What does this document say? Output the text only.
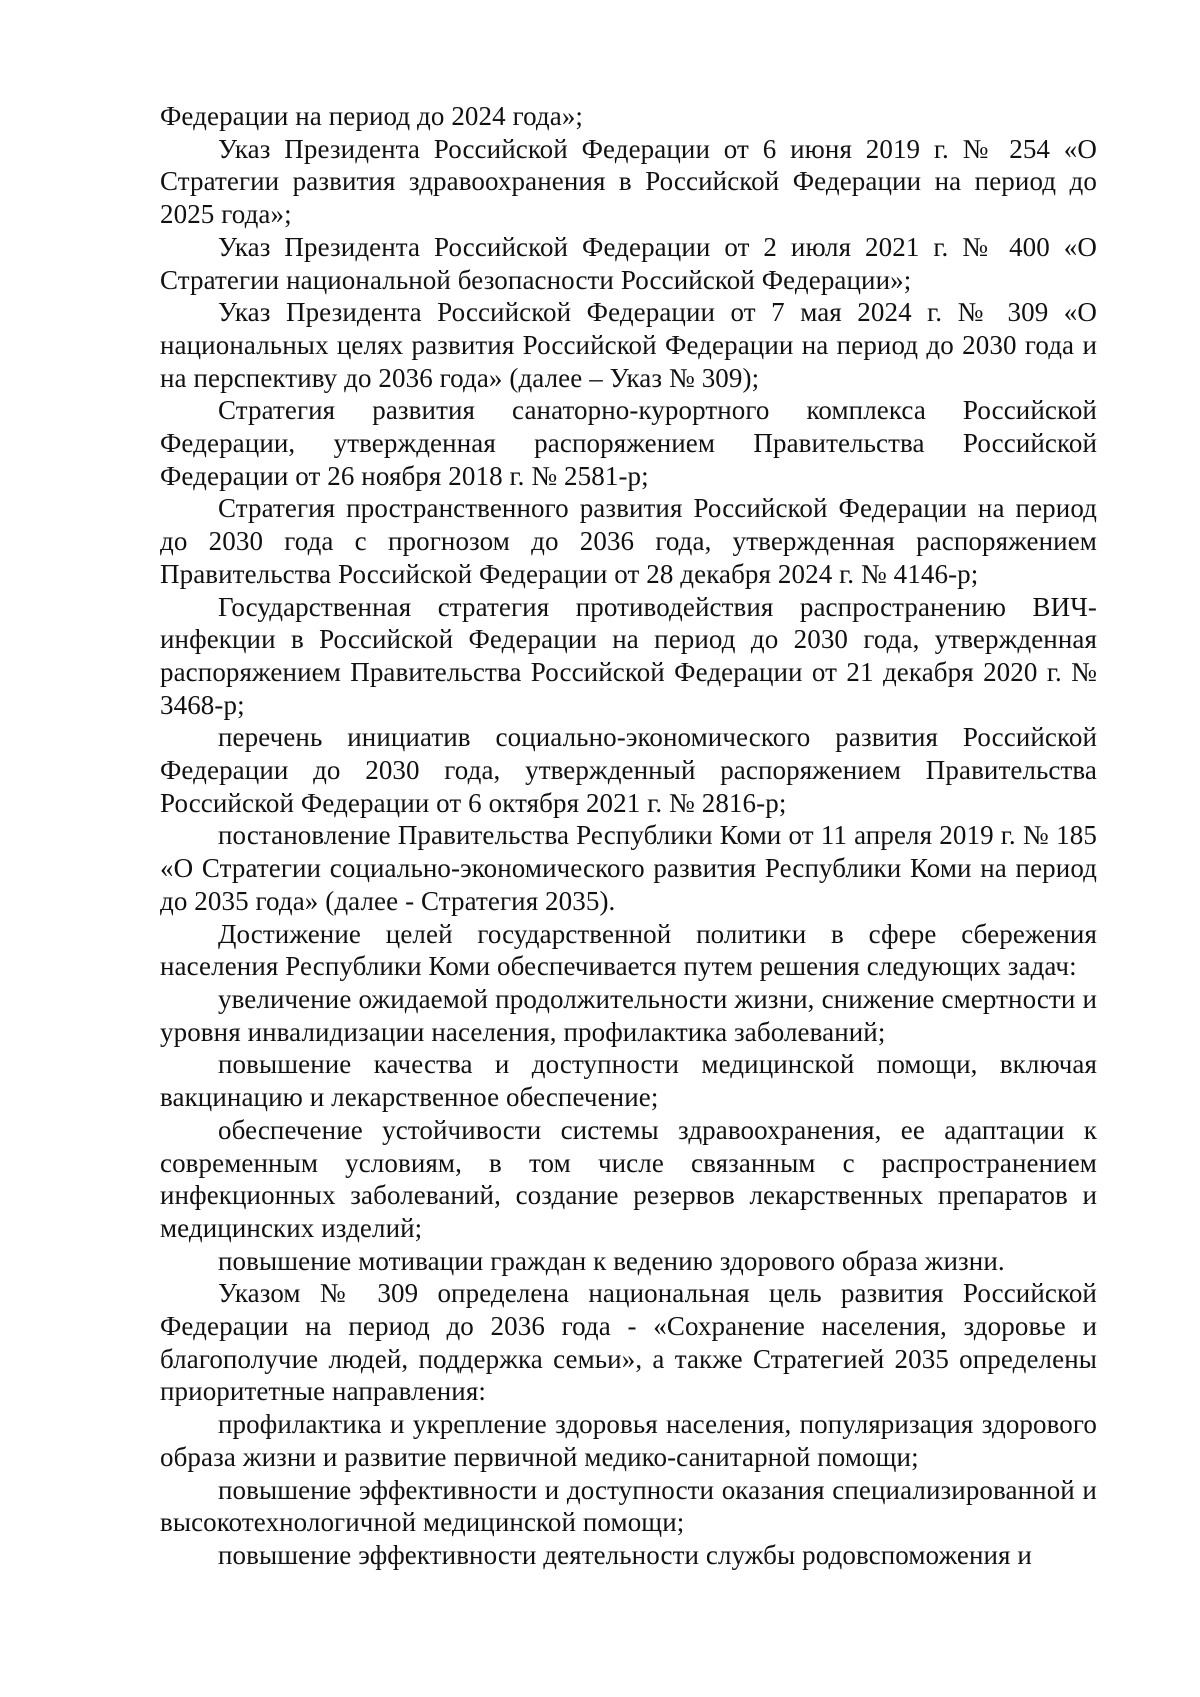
Федерации на период до 2024 года»;

Указ Президента Российской Федерации от 6 июня 2019 г. № 254 «О Стратегии развития здравоохранения в Российской Федерации на период до 2025 года»;

Указ Президента Российской Федерации от 2 июля 2021 г. № 400 «О Стратегии национальной безопасности Российской Федерации»;

Указ Президента Российской Федерации от 7 мая 2024 г. № 309 «О национальных целях развития Российской Федерации на период до 2030 года и на перспективу до 2036 года» (далее – Указ № 309);

Стратегия развития санаторно-курортного комплекса Российской Федерации, утвержденная распоряжением Правительства Российской Федерации от 26 ноября 2018 г. № 2581-р;

Стратегия пространственного развития Российской Федерации на период до 2030 года с прогнозом до 2036 года, утвержденная распоряжением Правительства Российской Федерации от 28 декабря 2024 г. № 4146-р;

Государственная стратегия противодействия распространению ВИЧ-инфекции в Российской Федерации на период до 2030 года, утвержденная распоряжением Правительства Российской Федерации от 21 декабря 2020 г. № 3468-р;

перечень инициатив социально-экономического развития Российской Федерации до 2030 года, утвержденный распоряжением Правительства Российской Федерации от 6 октября 2021 г. № 2816-р;

постановление Правительства Республики Коми от 11 апреля 2019 г. № 185 «О Стратегии социально-экономического развития Республики Коми на период до 2035 года» (далее - Стратегия 2035).

Достижение целей государственной политики в сфере сбережения населения Республики Коми обеспечивается путем решения следующих задач:

увеличение ожидаемой продолжительности жизни, снижение смертности и уровня инвалидизации населения, профилактика заболеваний;

повышение качества и доступности медицинской помощи, включая вакцинацию и лекарственное обеспечение;

обеспечение устойчивости системы здравоохранения, ее адаптации к современным условиям, в том числе связанным с распространением инфекционных заболеваний, создание резервов лекарственных препаратов и медицинских изделий;

повышение мотивации граждан к ведению здорового образа жизни.

Указом № 309 определена национальная цель развития Российской Федерации на период до 2036 года - «Сохранение населения, здоровье и благополучие людей, поддержка семьи», а также Стратегией 2035 определены приоритетные направления:

профилактика и укрепление здоровья населения, популяризация здорового образа жизни и развитие первичной медико-санитарной помощи;

повышение эффективности и доступности оказания специализированной и высокотехнологичной медицинской помощи;

повышение эффективности деятельности службы родовспоможения и
